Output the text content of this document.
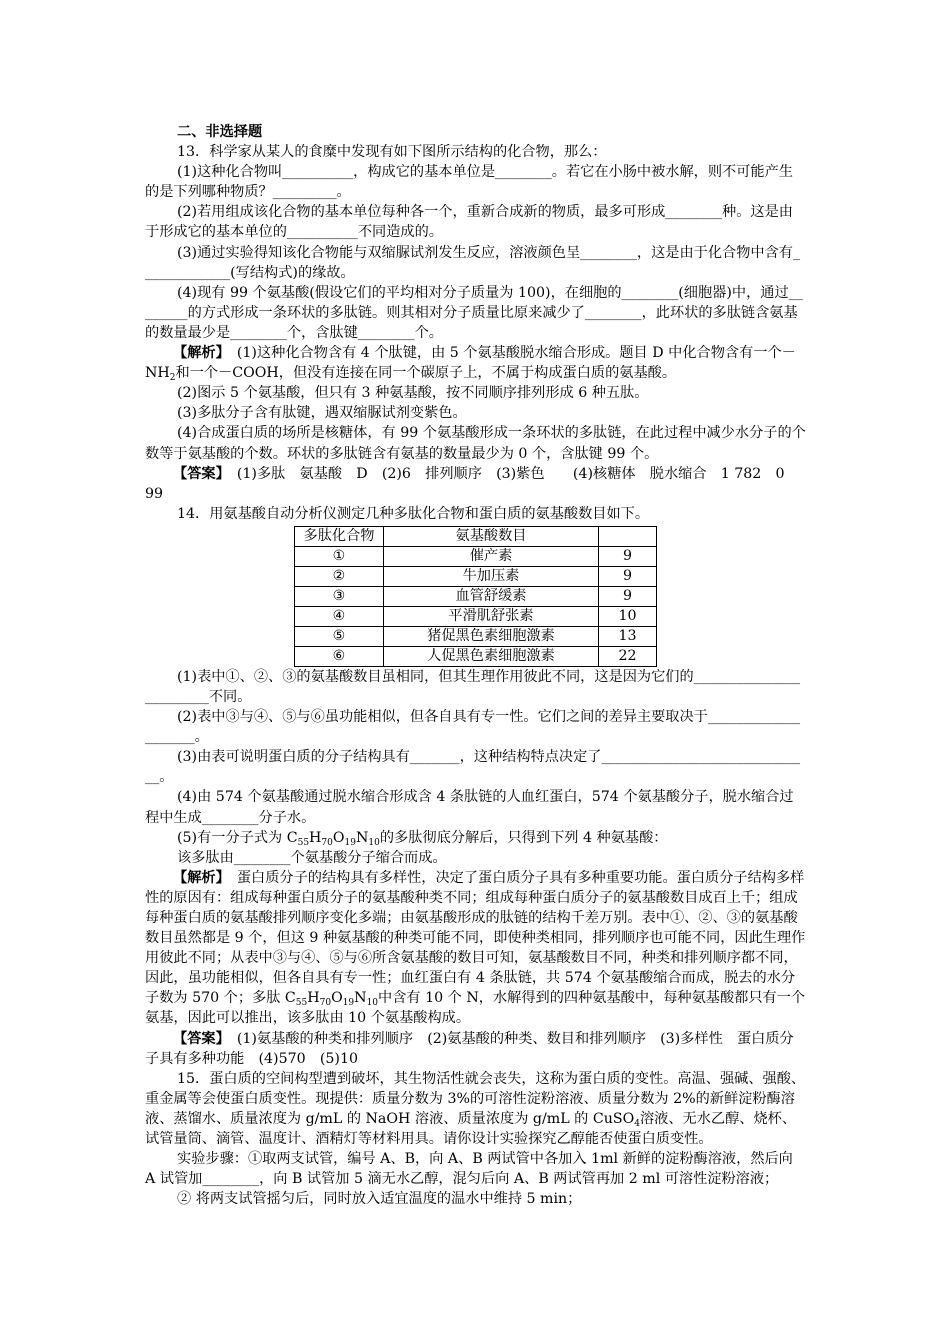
二、非选择题

13．科学家从某人的食糜中发现有如下图所示结构的化合物，那么：

(1)这种化合物叫__________，构成它的基本单位是________。若它在小肠中被水解，则不可能产生的是下列哪种物质？_________。

(2)若用组成该化合物的基本单位每种各一个，重新合成新的物质，最多可形成________种。这是由于形成它的基本单位的__________不同造成的。

(3)通过实验得知该化合物能与双缩脲试剂发生反应，溶液颜色呈________，这是由于化合物中含有_____________(写结构式)的缘故。

(4)现有 99 个氨基酸(假设它们的平均相对分子质量为 100)，在细胞的________(细胞器)中，通过________的方式形成一条环状的多肽链。则其相对分子质量比原来减少了________，此环状的多肽链含氨基的数量最少是________个，含肽键________个。

【解析】　 (1)这种化合物含有 4 个肽键，由 5 个氨基酸脱水缩合形成。题目 D 中化合物含有一个$-NH_2$和一个－COOH，但没有连接在同一个碳原子上，不属于构成蛋白质的氨基酸。

(2)图示 5 个氨基酸，但只有 3 种氨基酸，按不同顺序排列形成 6 种五肽。

(3)多肽分子含有肽键，遇双缩脲试剂变紫色。

(4)合成蛋白质的场所是核糖体，有 99 个氨基酸形成一条环状的多肽链，在此过程中减少水分子的个数等于氨基酸的个数。环状的多肽链含有氨基的数量最少为 0 个，含肽键 99 个。

【答案】　 (1)多肽　氨基酸　D　(2)6　排列顺序　(3)紫色　　(4)核糖体　脱水缩合　1 782　0　99

14．用氨基酸自动分析仪测定几种多肽化合物和蛋白质的氨基酸数目如下。

多肽化合物	氨基酸数目	
①	催产素	9
②	牛加压素	9
③	血管舒缓素	9
④	平滑肌舒张素	10
⑤	猪促黑色素细胞激素	13
⑥	人促黑色素细胞激素	22

(1)表中①、②、③的氨基酸数目虽相同，但其生理作用彼此不同，这是因为它们的________________________不同。

(2)表中③与④、⑤与⑥虽功能相似，但各自具有专一性。它们之间的差异主要取决于____________________。

(3)由表可说明蛋白质的分子结构具有_______，这种结构特点决定了______________________________。

(4)由 574 个氨基酸通过脱水缩合形成含 4 条肽链的人血红蛋白，574 个氨基酸分子，脱水缩合过程中生成________分子水。

(5)有一分子式为 $C_{55}H_{70}O_{19}N_{10}$的多肽彻底分解后，只得到下列 4 种氨基酸：

该多肽由________个氨基酸分子缩合而成。

【解析】　 蛋白质分子的结构具有多样性，决定了蛋白质分子具有多种重要功能。蛋白质分子结构多样性的原因有：组成每种蛋白质分子的氨基酸种类不同；组成每种蛋白质分子的氨基酸数目成百上千；组成每种蛋白质的氨基酸排列顺序变化多端；由氨基酸形成的肽链的结构千差万别。表中①、②、③的氨基酸数目虽然都是 9 个，但这 9 种氨基酸的种类可能不同，即使种类相同，排列顺序也可能不同，因此生理作用彼此不同；从表中③与④、⑤与⑥所含氨基酸的数目可知，氨基酸数目不同，种类和排列顺序都不同，因此，虽功能相似，但各自具有专一性；血红蛋白有 4 条肽链，共 574 个氨基酸缩合而成，脱去的水分子数为 570 个；多肽 $C_{55}H_{70}O_{19}N_{10}$中含有 10 个 N，水解得到的四种氨基酸中，每种氨基酸都只有一个氨基，因此可以推出，该多肽由 10 个氨基酸构成。

【答案】　 (1)氨基酸的种类和排列顺序　(2)氨基酸的种类、数目和排列顺序　(3)多样性　蛋白质分子具有多种功能　(4)570　(5)10

15．蛋白质的空间构型遭到破坏，其生物活性就会丧失，这称为蛋白质的变性。高温、强碱、强酸、重金属等会使蛋白质变性。现提供：质量分数为 3%的可溶性淀粉溶液、质量分数为 2%的新鲜淀粉酶溶液、蒸馏水、质量浓度为 g/mL 的 NaOH 溶液、质量浓度为 g/mL 的 CuSO$_4$溶液、无水乙醇、烧杯、试管量筒、滴管、温度计、酒精灯等材料用具。请你设计实验探究乙醇能否使蛋白质变性。

实验步骤：①取两支试管，编号 A、B，向 A、B 两试管中各加入 1ml 新鲜的淀粉酶溶液，然后向 A 试管加________，向 B 试管加 5 滴无水乙醇，混匀后向 A、B 两试管再加 2 ml 可溶性淀粉溶液；

② 将两支试管摇匀后，同时放入适宜温度的温水中维持 5 min；
